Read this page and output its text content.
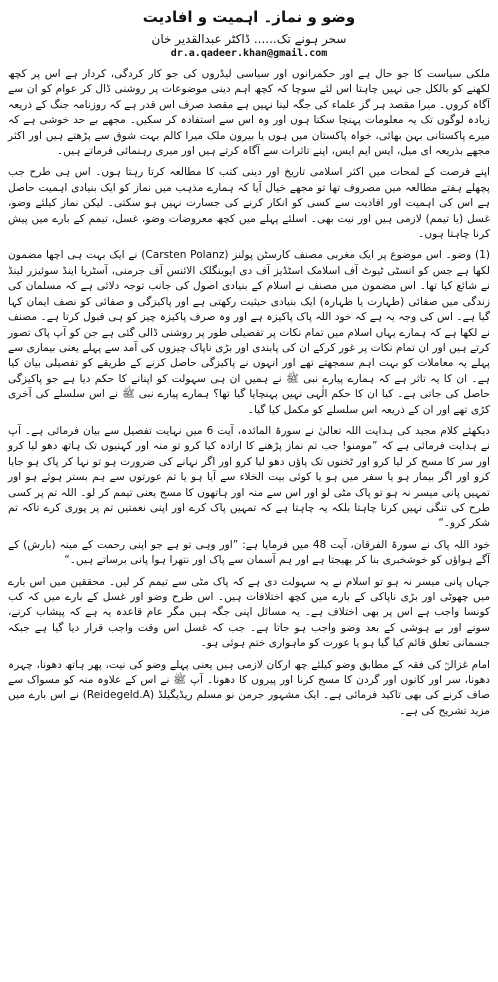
وضو و نماز۔ اہمیت و افادیت
سحر ہونے تک...... ڈاکٹر عبدالقدیر خان
dr.a.qadeer.khan@gmail.com

ملکی سیاست کا جو حال ہے اور حکمرانوں اور سیاسی لیڈروں کی جو کار کردگی، کردار ہے اس پر کچھ لکھنے کو بالکل جی نہیں چاہتا اس لئے سوچا کہ کچھ اہم دینی موضوعات پر روشنی ڈال کر عوام کو ان سے آگاہ کروں۔ میرا مقصد ہر گز علماء کی جگہ لینا نہیں ہے مقصد صرف اس قدر ہے کہ روزنامہ جنگ کے ذریعہ زیادہ لوگوں تک یہ معلومات پہنچا سکتا ہوں اور وہ اس سے استفادہ کر سکیں۔ مجھے بے حد خوشی ہے کہ میرے پاکستانی بہن بھائی، خواہ پاکستان میں ہوں یا بیرون ملک میرا کالم بہت شوق سے پڑھتے ہیں اور اکثر مجھے بذریعہ ای میل، ایس ایم ایس، اپنے تاثرات سے آگاہ کرتے ہیں اور میری رہنمائی فرماتے ہیں۔

اپنے فرصت کے لمحات میں اکثر اسلامی تاریخ اور دینی کتب کا مطالعہ کرتا رہتا ہوں۔ اس ہی طرح جب پچھلے ہفتے مطالعہ میں مصروف تھا تو مجھے خیال آیا کہ ہمارے مذہب میں نماز کو ایک بنیادی اہمیت حاصل ہے اس کی اہمیت اور افادیت سے کسی کو انکار کرنے کی جسارت نہیں ہو سکتی۔ لیکن نماز کیلئے وضو، غسل (یا تیمم) لازمی ہیں اور نیت بھی۔ اسلئے پہلے میں کچھ معروضات وضو، غسل، تیمم کے بارے میں پیش کرنا چاہتا ہوں۔

(1) وضو۔ اس موضوع پر ایک مغربی مصنف کارسٹن پولنز (Carsten Polanz) نے ایک بہت ہی اچھا مضمون لکھا ہے جس کو انسٹی ٹیوٹ آف اسلامک اسٹڈیز آف دی ایوینگلک الائنس آف جرمنی، آسٹریا اینڈ سوئیزر لینڈ نے شائع کیا تھا۔ اس مضمون میں مصنف نے اسلام کے بنیادی اصول کی جانب توجہ دلائی ہے کہ مسلمان کی زندگی میں صفائی (طہارت یا طہارہ) ایک بنیادی حیثیت رکھتی ہے اور پاکیزگی و صفائی کو نصف ایمان کہا گیا ہے۔ اس کی وجہ یہ ہے کہ خود اللہ پاک پاکیزہ ہے اور وہ صرف پاکیزہ چیز کو ہی قبول کرتا ہے۔ مصنف نے لکھا ہے کہ ہمارے یہاں اسلام میں تمام نکات پر تفصیلی طور پر روشنی ڈالی گئی ہے جن کو آپ پاک تصور کرتے ہیں اور ان تمام نکات پر غور کرکے ان کی پابندی اور بڑی ناپاک چیزوں کی آمد سے پہلے یعنی بیماری سے پہلے یہ معاملات کو بہت اہم سمجھتے تھے اور انہوں نے پاکیزگی حاصل کرنے کے طریقے کو تفصیلی بیان کیا ہے۔ ان کا یہ تاثر ہے کہ ہمارے پیارے نبی ﷺ نے ہمیں ان ہی سہولت کو اپنانے کا حکم دیا ہے جو پاکیزگی حاصل کی جاتی ہے۔ کیا ان کا حکم الٰہی نہیں پہنچایا گیا تھا؟ ہمارے پیارے نبی ﷺ نے اس سلسلے کی آخری کڑی تھے اور ان کے ذریعہ اس سلسلے کو مکمل کیا گیا۔

دیکھئے کلام مجید کی ہدایت اللہ تعالیٰ نے سورۃ المائدہ، آیت 6 میں نہایت تفصیل سے بیان فرمائی ہے۔ آپ نے ہدایت فرمائی ہے کہ ”مومنو! جب تم نماز پڑھنے کا ارادہ کیا کرو تو منہ اور کہنیوں تک ہاتھ دھو لیا کرو اور سر کا مسح کر لیا کرو اور ٹخنوں تک پاؤں دھو لیا کرو اور اگر نہانے کی ضرورت ہو تو نہا کر پاک ہو جایا کرو اور اگر بیمار ہو یا سفر میں ہو یا کوئی بیت الخلاء سے آیا ہو یا تم عورتوں سے ہم بستر ہوئے ہو اور تمہیں پانی میسر نہ ہو تو پاک مٹی لو اور اس سے منہ اور ہاتھوں کا مسح یعنی تیمم کر لو۔ اللہ تم پر کسی طرح کی تنگی نہیں کرنا چاہتا بلکہ یہ چاہتا ہے کہ تمہیں پاک کرے اور اپنی نعمتیں تم پر پوری کرے تاکہ تم شکر کرو۔“

خود اللہ پاک نے سورۃ الفرقان، آیت 48 میں فرمایا ہے: ”اور وہی تو ہے جو اپنی رحمت کے مینہ (بارش) کے آگے ہواؤں کو خوشخبری بنا کر بھیجتا ہے اور ہم آسمان سے پاک اور نتھرا ہوا پانی برساتے ہیں۔“

جہاں پانی میسر نہ ہو تو اسلام نے یہ سہولت دی ہے کہ پاک مٹی سے تیمم کر لیں۔ محققین میں اس بارے میں چھوٹی اور بڑی ناپاکی کے بارے میں کچھ اختلافات ہیں۔ اس طرح وضو اور غسل کے بارے میں کہ کب کونسا واجب ہے اس پر بھی اختلاف ہے۔ یہ مسائل اپنی جگہ ہیں مگر عام قاعدہ یہ ہے کہ پیشاب کرنے، سونے اور بے ہوشی کے بعد وضو واجب ہو جاتا ہے۔ جب کہ غسل اس وقت واجب قرار دیا گیا ہے جبکہ جسمانی تعلق قائم کیا گیا ہو یا عورت کو ماہواری ختم ہوئی ہو۔

امام غزالیؒ کی فقہ کے مطابق وضو کیلئے چھ ارکان لازمی ہیں یعنی پہلے وضو کی نیت، پھر ہاتھ دھونا، چہرہ دھونا، سر اور کانوں اور گردن کا مسح کرنا اور پیروں کا دھونا۔ آپ ﷺ نے اس کے علاوہ منہ کو مسواک سے صاف کرنے کی بھی تاکید فرمائی ہے۔ ایک مشہور جرمن نو مسلم ریڈیگیلڈ (Reidegeld.A) نے اس بارے میں مزید تشریح کی ہے۔
